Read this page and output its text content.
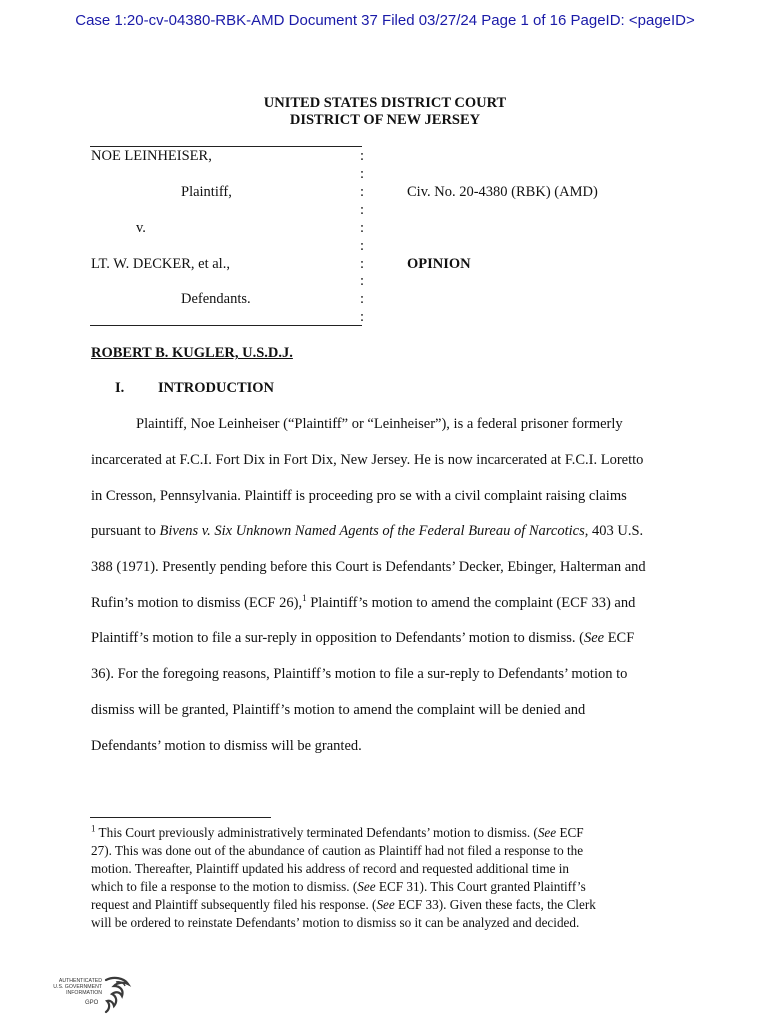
Case 1:20-cv-04380-RBK-AMD Document 37 Filed 03/27/24 Page 1 of 16 PageID: <pageID>
UNITED STATES DISTRICT COURT
DISTRICT OF NEW JERSEY
NOE LEINHEISER,
Plaintiff,
v.
LT. W. DECKER, et al.,
Defendants.
:
:
:
:
:
:
:
:
:
:
Civ. No. 20-4380 (RBK) (AMD)
OPINION
ROBERT B. KUGLER, U.S.D.J.
I. INTRODUCTION
Plaintiff, Noe Leinheiser (“Plaintiff” or “Leinheiser”), is a federal prisoner formerly
incarcerated at F.C.I. Fort Dix in Fort Dix, New Jersey. He is now incarcerated at F.C.I. Loretto
in Cresson, Pennsylvania. Plaintiff is proceeding pro se with a civil complaint raising claims
pursuant to Bivens v. Six Unknown Named Agents of the Federal Bureau of Narcotics, 403 U.S.
388 (1971). Presently pending before this Court is Defendants’ Decker, Ebinger, Halterman and
Rufin’s motion to dismiss (ECF 26),$^1$ Plaintiff’s motion to amend the complaint (ECF 33) and
Plaintiff’s motion to file a sur-reply in opposition to Defendants’ motion to dismiss. (See ECF
36). For the foregoing reasons, Plaintiff’s motion to file a sur-reply to Defendants’ motion to
dismiss will be granted, Plaintiff’s motion to amend the complaint will be denied and
Defendants’ motion to dismiss will be granted.
$^1$ This Court previously administratively terminated Defendants’ motion to dismiss. (See ECF
27). This was done out of the abundance of caution as Plaintiff had not filed a response to the
motion. Thereafter, Plaintiff updated his address of record and requested additional time in
which to file a response to the motion to dismiss. (See ECF 31). This Court granted Plaintiff’s
request and Plaintiff subsequently filed his response. (See ECF 33). Given these facts, the Clerk
will be ordered to reinstate Defendants’ motion to dismiss so it can be analyzed and decided.
AUTHENTICATED
U.S. GOVERNMENT
INFORMATION
GPO
